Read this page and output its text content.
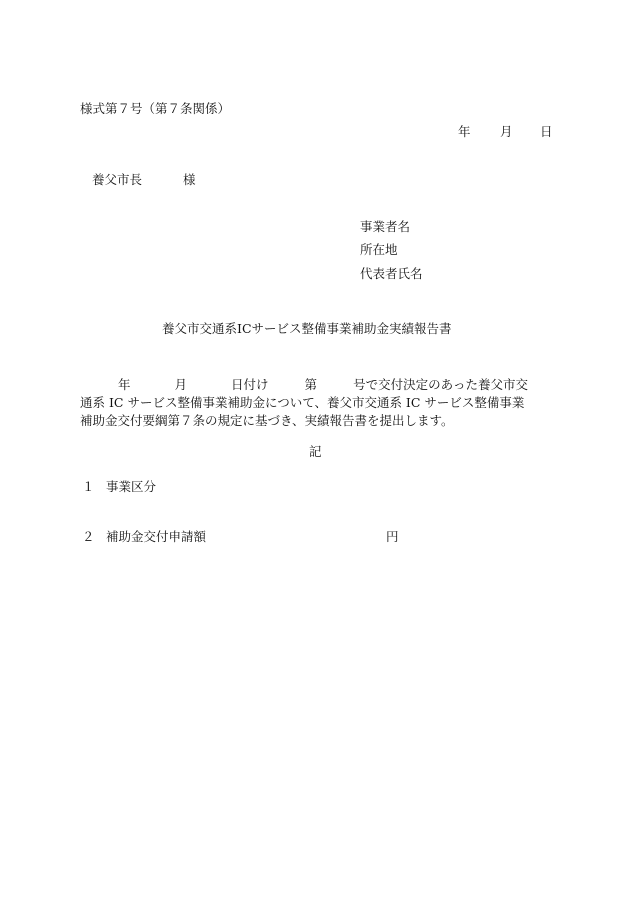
様式第７号（第７条関係）
年 月 日
養父市長	様
事業者名
所在地
代表者氏名
養父市交通系ICサービス整備事業補助金実績報告書
年	月	日付け	第	号で交付決定のあった養父市交
通系 IC サービス整備事業補助金について、養父市交通系 IC サービス整備事業
補助金交付要綱第７条の規定に基づき、実績報告書を提出します。
記
１ 事業区分
２ 補助金交付申請額	円
